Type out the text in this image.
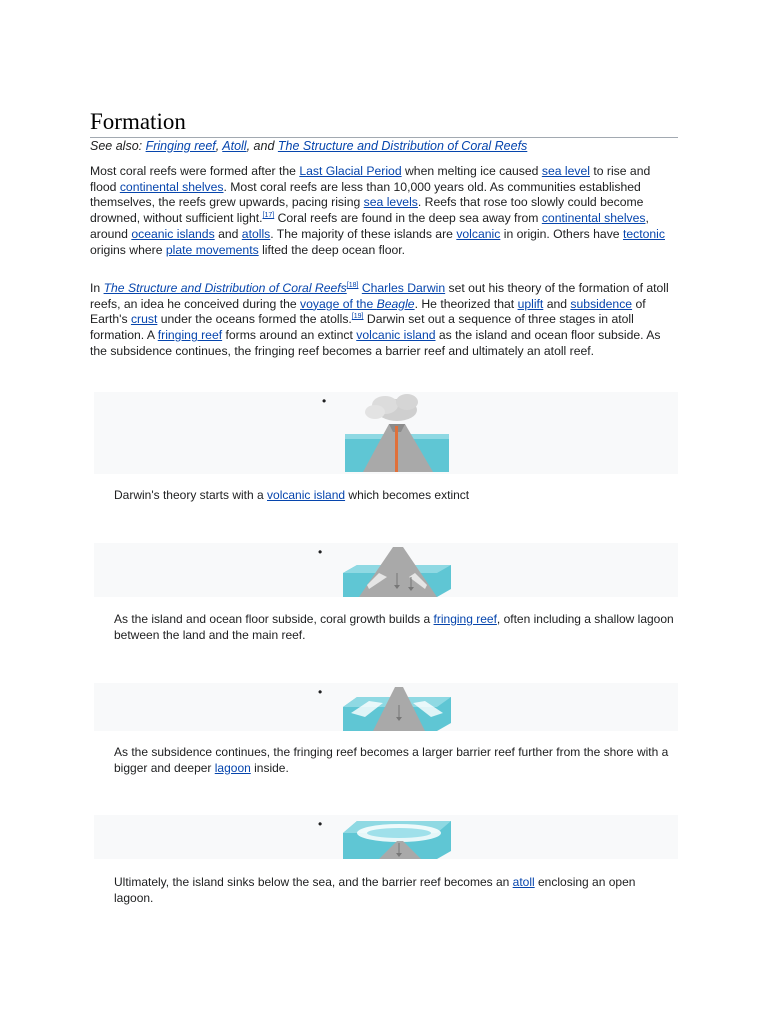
Formation
See also: Fringing reef, Atoll, and The Structure and Distribution of Coral Reefs

Most coral reefs were formed after the Last Glacial Period when melting ice caused sea level to rise and flood continental shelves. Most coral reefs are less than 10,000 years old. As communities established themselves, the reefs grew upwards, pacing rising sea levels. Reefs that rose too slowly could become drowned, without sufficient light.[17] Coral reefs are found in the deep sea away from continental shelves, around oceanic islands and atolls. The majority of these islands are volcanic in origin. Others have tectonic origins where plate movements lifted the deep ocean floor.

In The Structure and Distribution of Coral Reefs[18] Charles Darwin set out his theory of the formation of atoll reefs, an idea he conceived during the voyage of the Beagle. He theorized that uplift and subsidence of Earth's crust under the oceans formed the atolls.[19] Darwin set out a sequence of three stages in atoll formation. A fringing reef forms around an extinct volcanic island as the island and ocean floor subside. As the subsidence continues, the fringing reef becomes a barrier reef and ultimately an atoll reef.

•
Darwin's theory starts with a volcanic island which becomes extinct
•
As the island and ocean floor subside, coral growth builds a fringing reef, often including a shallow lagoon between the land and the main reef.
•
As the subsidence continues, the fringing reef becomes a larger barrier reef further from the shore with a bigger and deeper lagoon inside.
•
Ultimately, the island sinks below the sea, and the barrier reef becomes an atoll enclosing an open lagoon.
